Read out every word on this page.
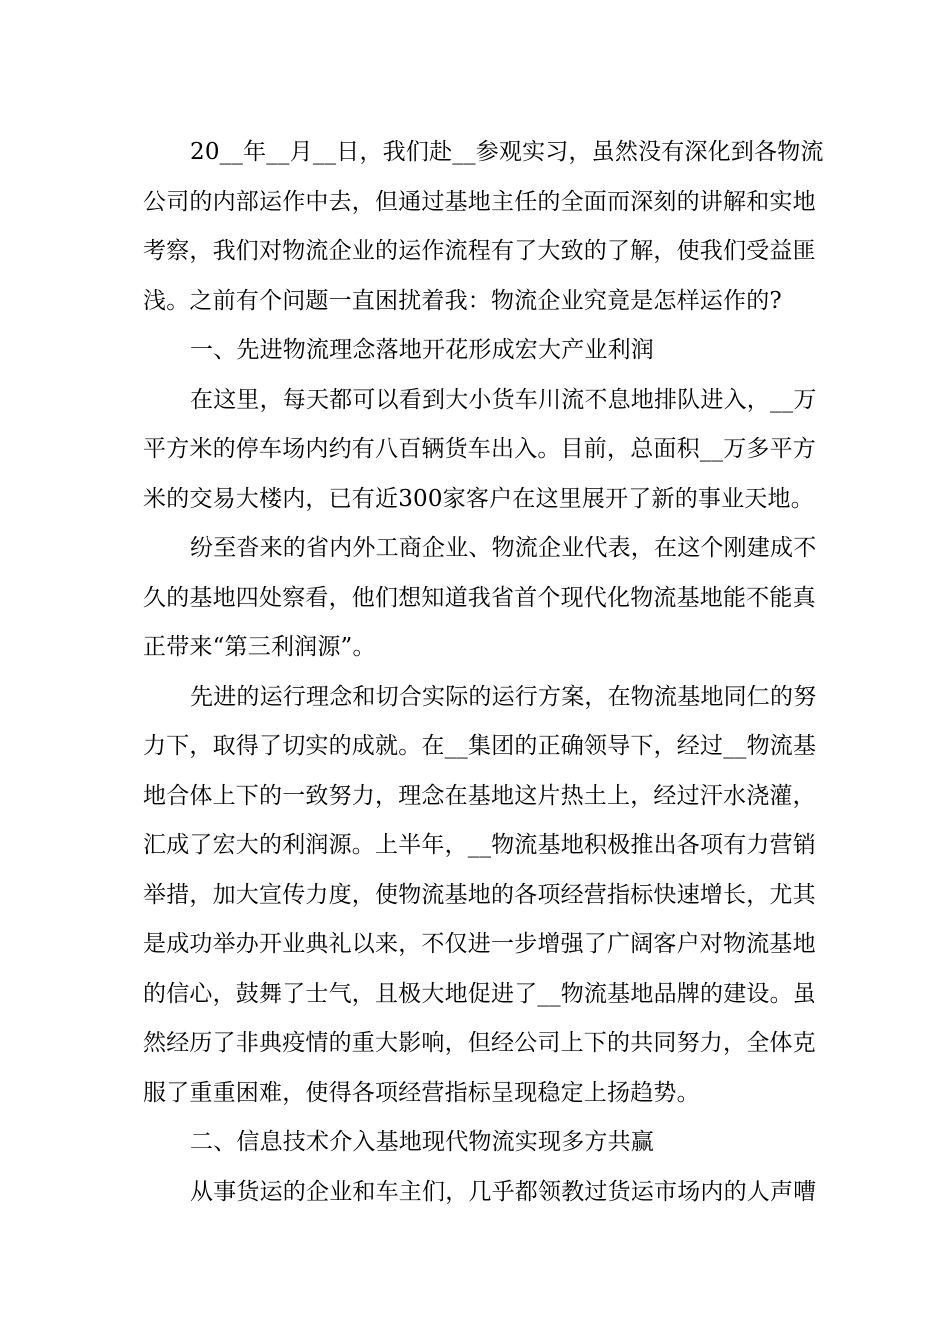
20__年__月__日，我们赴__参观实习，虽然没有深化到各物流
公司的内部运作中去，但通过基地主任的全面而深刻的讲解和实地
考察，我们对物流企业的运作流程有了大致的了解，使我们受益匪
浅。之前有个问题一直困扰着我：物流企业究竟是怎样运作的?
一、先进物流理念落地开花形成宏大产业利润
在这里，每天都可以看到大小货车川流不息地排队进入，__万
平方米的停车场内约有八百辆货车出入。目前，总面积__万多平方
米的交易大楼内，已有近300家客户在这里展开了新的事业天地。
纷至沓来的省内外工商企业、物流企业代表，在这个刚建成不
久的基地四处察看，他们想知道我省首个现代化物流基地能不能真
正带来“第三利润源”。
先进的运行理念和切合实际的运行方案，在物流基地同仁的努
力下，取得了切实的成就。在__集团的正确领导下，经过__物流基
地合体上下的一致努力，理念在基地这片热土上，经过汗水浇灌，
汇成了宏大的利润源。上半年，__物流基地积极推出各项有力营销
举措，加大宣传力度，使物流基地的各项经营指标快速增长，尤其
是成功举办开业典礼以来，不仅进一步增强了广阔客户对物流基地
的信心，鼓舞了士气，且极大地促进了__物流基地品牌的建设。虽
然经历了非典疫情的重大影响，但经公司上下的共同努力，全体克
服了重重困难，使得各项经营指标呈现稳定上扬趋势。
二、信息技术介入基地现代物流实现多方共赢
从事货运的企业和车主们，几乎都领教过货运市场内的人声嘈
